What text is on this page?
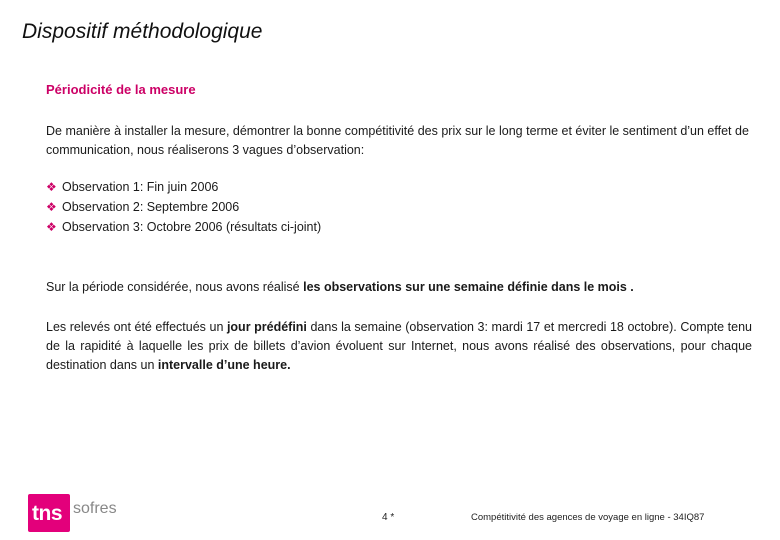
Dispositif méthodologique
Périodicité de la mesure
De manière à installer la mesure, démontrer la bonne compétitivité des prix sur le long terme et éviter le sentiment d’un effet de communication, nous réaliserons 3 vagues d’observation:
❖ Observation 1: Fin juin 2006
❖ Observation 2: Septembre 2006
❖ Observation 3: Octobre 2006 (résultats ci-joint)
Sur la période considérée, nous avons réalisé les observations sur une semaine définie dans le mois .
Les relevés ont été effectués un jour prédéfini dans la semaine (observation 3: mardi 17 et mercredi 18 octobre). Compte tenu de la rapidité à laquelle les prix de billets d’avion évoluent sur Internet, nous avons réalisé des observations, pour chaque destination dans un intervalle d’une heure.
tns sofres
4 *	Compétitivité des agences de voyage en ligne - 34IQ87
